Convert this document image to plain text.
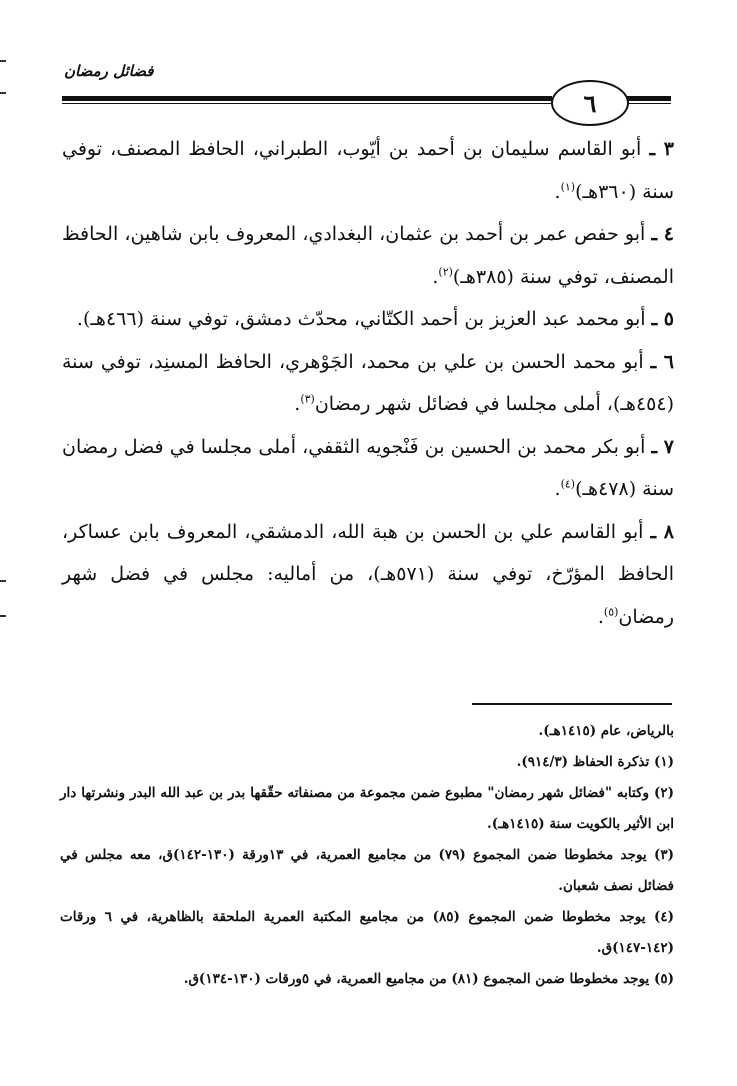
فضائل رمضان
٦

٣ ـ أبو القاسم سليمان بن أحمد بن أيّوب، الطبراني، الحافظ المصنف، توفي سنة (٣٦٠هـ)$^{(١)}$.

٤ ـ أبو حفص عمر بن أحمد بن عثمان، البغدادي، المعروف بابن شاهين، الحافظ المصنف، توفي سنة (٣٨٥هـ)$^{(٢)}$.

٥ ـ أبو محمد عبد العزيز بن أحمد الكتّاني، محدّث دمشق، توفي سنة (٤٦٦هـ).

٦ ـ أبو محمد الحسن بن علي بن محمد، الجَوْهري، الحافظ المسنِد، توفي سنة (٤٥٤هـ)، أملى مجلسا في فضائل شهر رمضان$^{(٣)}$.

٧ ـ أبو بكر محمد بن الحسين بن فَنْجويه الثقفي، أملى مجلسا في فضل رمضان سنة (٤٧٨هـ)$^{(٤)}$.

٨ ـ أبو القاسم علي بن الحسن بن هبة الله، الدمشقي، المعروف بابن عساكر، الحافظ المؤرّخ، توفي سنة (٥٧١هـ)، من أماليه: مجلس في فضل شهر رمضان$^{(٥)}$.

بالرياض، عام (١٤١٥هـ).

(١) تذكرة الحفاظ (٩١٤/٣).

(٢) وكتابه "فضائل شهر رمضان" مطبوع ضمن مجموعة من مصنفاته حقّقها بدر بن عبد الله البدر ونشرتها دار ابن الأثير بالكويت سنة (١٤١٥هـ).

(٣) يوجد مخطوطا ضمن المجموع (٧٩) من مجاميع العمرية، في ١٣ورقة (١٣٠-١٤٢)ق، معه مجلس في فضائل نصف شعبان.

(٤) يوجد مخطوطا ضمن المجموع (٨٥) من مجاميع المكتبة العمرية الملحقة بالظاهرية، في ٦ ورقات (١٤٢-١٤٧)ق.

(٥) يوجد مخطوطا ضمن المجموع (٨١) من مجاميع العمرية، في ٥ورقات (١٣٠-١٣٤)ق.
